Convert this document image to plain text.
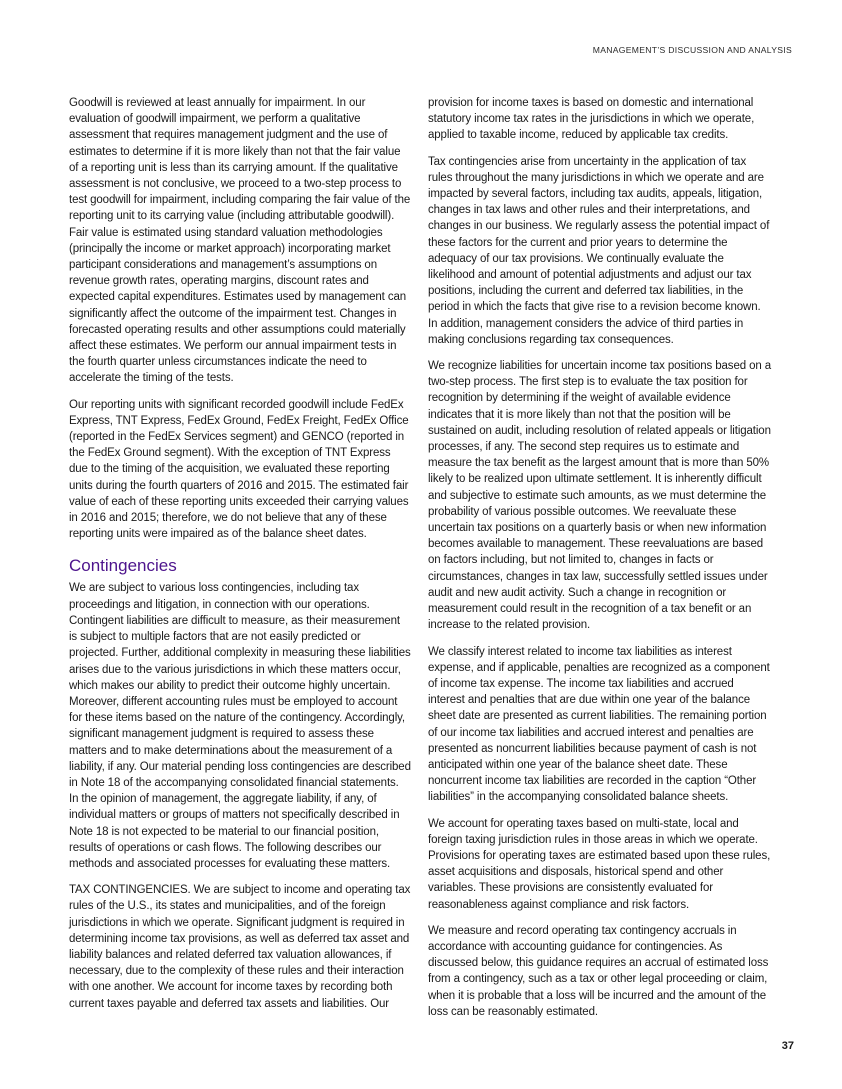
MANAGEMENT’S DISCUSSION AND ANALYSIS

Goodwill is reviewed at least annually for impairment. In our evaluation of goodwill impairment, we perform a qualitative assessment that requires management judgment and the use of estimates to determine if it is more likely than not that the fair value of a reporting unit is less than its carrying amount. If the qualitative assessment is not conclusive, we proceed to a two-step process to test goodwill for impairment, including comparing the fair value of the reporting unit to its carrying value (including attributable goodwill). Fair value is estimated using standard valuation methodologies (principally the income or market approach) incorporating market participant considerations and management’s assumptions on revenue growth rates, operating margins, discount rates and expected capital expenditures. Estimates used by management can significantly affect the outcome of the impairment test. Changes in forecasted operating results and other assumptions could materially affect these estimates. We perform our annual impairment tests in the fourth quarter unless circumstances indicate the need to accelerate the timing of the tests.

Our reporting units with significant recorded goodwill include FedEx Express, TNT Express, FedEx Ground, FedEx Freight, FedEx Office (reported in the FedEx Services segment) and GENCO (reported in the FedEx Ground segment). With the exception of TNT Express due to the timing of the acquisition, we evaluated these reporting units during the fourth quarters of 2016 and 2015. The estimated fair value of each of these reporting units exceeded their carrying values in 2016 and 2015; therefore, we do not believe that any of these reporting units were impaired as of the balance sheet dates.

Contingencies

We are subject to various loss contingencies, including tax proceedings and litigation, in connection with our operations. Contingent liabilities are difficult to measure, as their measurement is subject to multiple factors that are not easily predicted or projected. Further, additional complexity in measuring these liabilities arises due to the various jurisdictions in which these matters occur, which makes our ability to predict their outcome highly uncertain. Moreover, different accounting rules must be employed to account for these items based on the nature of the contingency. Accordingly, significant management judgment is required to assess these matters and to make determinations about the measurement of a liability, if any. Our material pending loss contingencies are described in Note 18 of the accompanying consolidated financial statements. In the opinion of management, the aggregate liability, if any, of individual matters or groups of matters not specifically described in Note 18 is not expected to be material to our financial position, results of operations or cash flows. The following describes our methods and associated processes for evaluating these matters.

TAX CONTINGENCIES. We are subject to income and operating tax rules of the U.S., its states and municipalities, and of the foreign jurisdictions in which we operate. Significant judgment is required in determining income tax provisions, as well as deferred tax asset and liability balances and related deferred tax valuation allowances, if necessary, due to the complexity of these rules and their interaction with one another. We account for income taxes by recording both current taxes payable and deferred tax assets and liabilities. Our

provision for income taxes is based on domestic and international statutory income tax rates in the jurisdictions in which we operate, applied to taxable income, reduced by applicable tax credits.

Tax contingencies arise from uncertainty in the application of tax rules throughout the many jurisdictions in which we operate and are impacted by several factors, including tax audits, appeals, litigation, changes in tax laws and other rules and their interpretations, and changes in our business. We regularly assess the potential impact of these factors for the current and prior years to determine the adequacy of our tax provisions. We continually evaluate the likelihood and amount of potential adjustments and adjust our tax positions, including the current and deferred tax liabilities, in the period in which the facts that give rise to a revision become known. In addition, management considers the advice of third parties in making conclusions regarding tax consequences.

We recognize liabilities for uncertain income tax positions based on a two-step process. The first step is to evaluate the tax position for recognition by determining if the weight of available evidence indicates that it is more likely than not that the position will be sustained on audit, including resolution of related appeals or litigation processes, if any. The second step requires us to estimate and measure the tax benefit as the largest amount that is more than 50% likely to be realized upon ultimate settlement. It is inherently difficult and subjective to estimate such amounts, as we must determine the probability of various possible outcomes. We reevaluate these uncertain tax positions on a quarterly basis or when new information becomes available to management. These reevaluations are based on factors including, but not limited to, changes in facts or circumstances, changes in tax law, successfully settled issues under audit and new audit activity. Such a change in recognition or measurement could result in the recognition of a tax benefit or an increase to the related provision.

We classify interest related to income tax liabilities as interest expense, and if applicable, penalties are recognized as a component of income tax expense. The income tax liabilities and accrued interest and penalties that are due within one year of the balance sheet date are presented as current liabilities. The remaining portion of our income tax liabilities and accrued interest and penalties are presented as noncurrent liabilities because payment of cash is not anticipated within one year of the balance sheet date. These noncurrent income tax liabilities are recorded in the caption “Other liabilities” in the accompanying consolidated balance sheets.

We account for operating taxes based on multi-state, local and foreign taxing jurisdiction rules in those areas in which we operate. Provisions for operating taxes are estimated based upon these rules, asset acquisitions and disposals, historical spend and other variables. These provisions are consistently evaluated for reasonableness against compliance and risk factors.

We measure and record operating tax contingency accruals in accordance with accounting guidance for contingencies. As discussed below, this guidance requires an accrual of estimated loss from a contingency, such as a tax or other legal proceeding or claim, when it is probable that a loss will be incurred and the amount of the loss can be reasonably estimated.

37
